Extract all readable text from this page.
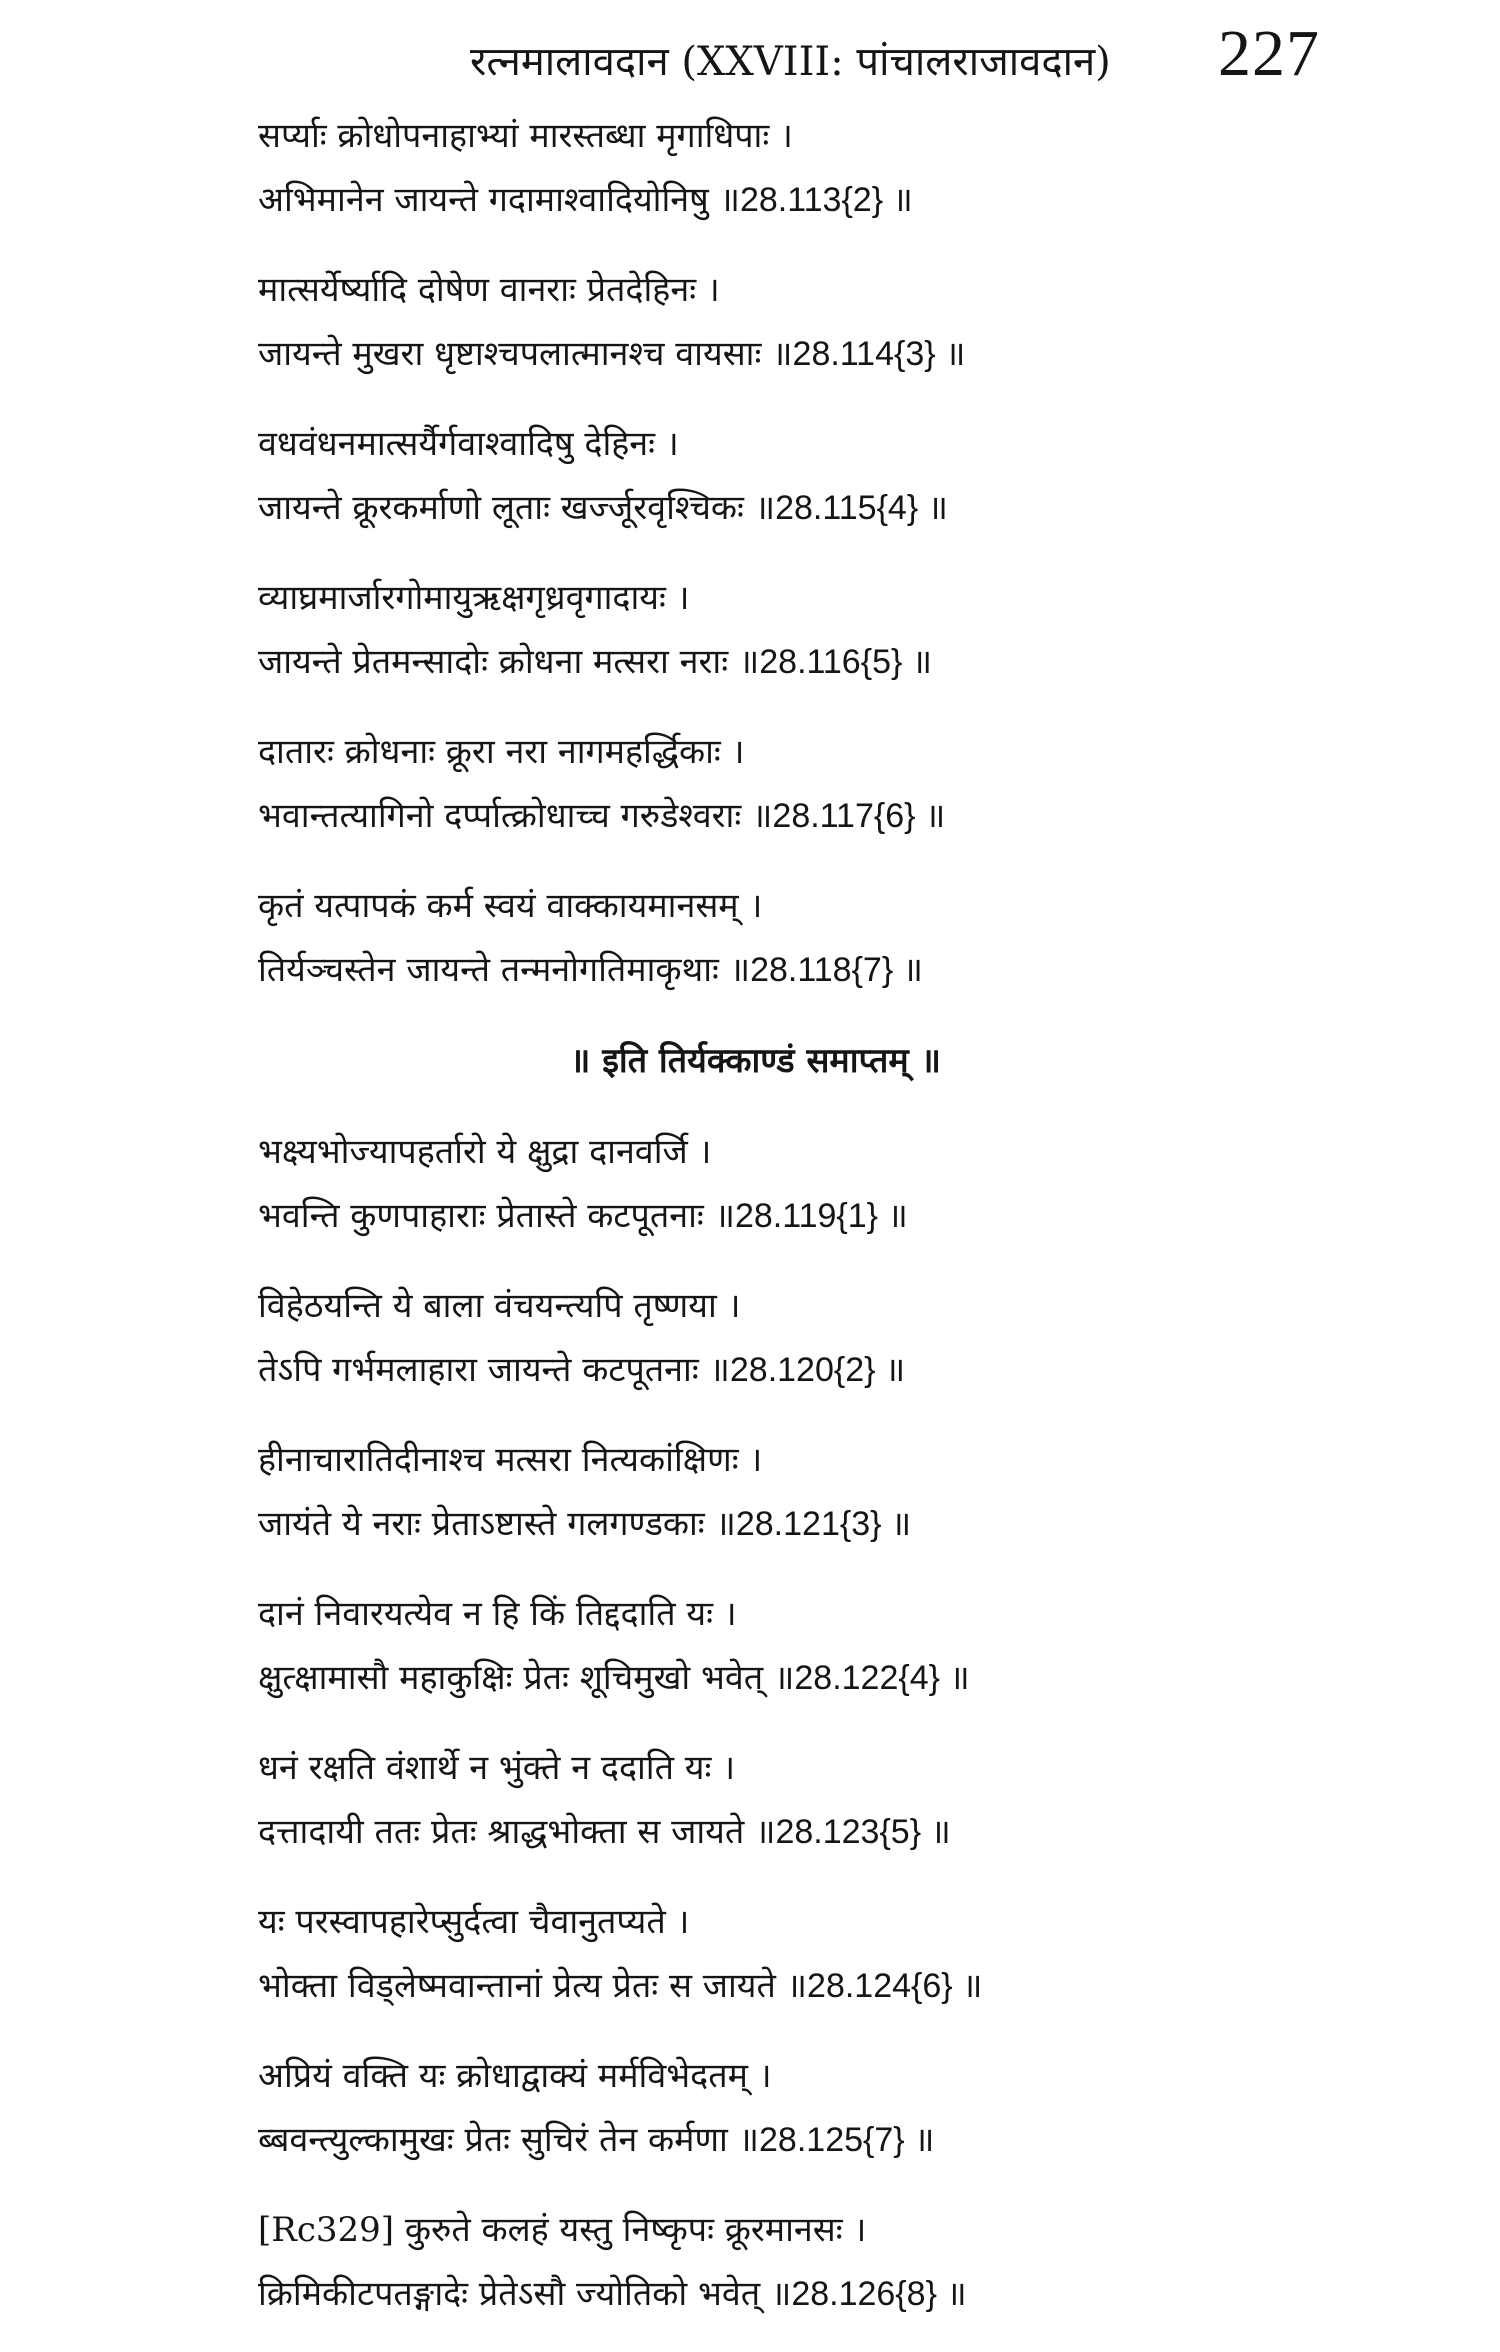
रत्नमालावदान (XXVIII: पांचालराजावदान) 227
सर्प्याः क्रोधोपनाहाभ्यां मारस्तब्धा मृगाधिपाः ।
अभिमानेन जायन्ते गदामाश्वादियोनिषु ॥28.113{2} ॥
मात्सर्येर्ष्यादि दोषेण वानराः प्रेतदेहिनः ।
जायन्ते मुखरा धृष्टाश्चपलात्मानश्च वायसाः ॥28.114{3} ॥
वधवंधनमात्सर्यैर्गवाश्वादिषु देहिनः ।
जायन्ते क्रूरकर्माणो लूताः खर्ज्जूरवृश्चिकः ॥28.115{4} ॥
व्याघ्रमार्जारगोमायुऋक्षगृध्रवृगादायः ।
जायन्ते प्रेतमन्सादोः क्रोधना मत्सरा नराः ॥28.116{5} ॥
दातारः क्रोधनाः क्रूरा नरा नागमहर्द्धिकाः ।
भवान्तत्यागिनो दर्प्पात्क्रोधाच्च गरुडेश्वराः ॥28.117{6} ॥
कृतं यत्पापकं कर्म स्वयं वाक्कायमानसम् ।
तिर्यञ्चस्तेन जायन्ते तन्मनोगतिमाकृथाः ॥28.118{7} ॥
॥ इति तिर्यक्काण्डं समाप्तम् ॥
भक्ष्यभोज्यापहर्तारो ये क्षुद्रा दानवर्जि ।
भवन्ति कुणपाहाराः प्रेतास्ते कटपूतनाः ॥28.119{1} ॥
विहेठयन्ति ये बाला वंचयन्त्यपि तृष्णया ।
तेऽपि गर्भमलाहारा जायन्ते कटपूतनाः ॥28.120{2} ॥
हीनाचारातिदीनाश्च मत्सरा नित्यकांक्षिणः ।
जायंते ये नराः प्रेताऽष्टास्ते गलगण्डकाः ॥28.121{3} ॥
दानं निवारयत्येव न हि किं तिद्ददाति यः ।
क्षुत्क्षामासौ महाकुक्षिः प्रेतः शूचिमुखो भवेत् ॥28.122{4} ॥
धनं रक्षति वंशार्थे न भुंक्ते न ददाति यः ।
दत्तादायी ततः प्रेतः श्राद्धभोक्ता स जायते ॥28.123{5} ॥
यः परस्वापहारेप्सुर्दत्वा चैवानुतप्यते ।
भोक्ता विड्लेष्मवान्तानां प्रेत्य प्रेतः स जायते ॥28.124{6} ॥
अप्रियं वक्ति यः क्रोधाद्वाक्यं मर्मविभेदतम् ।
ब्बवन्त्युल्कामुखः प्रेतः सुचिरं तेन कर्मणा ॥28.125{7} ॥
[Rc329] कुरुते कलहं यस्तु निष्कृपः क्रूरमानसः ।
क्रिमिकीटपतङ्गादेः प्रेतेऽसौ ज्योतिको भवेत् ॥28.126{8} ॥
